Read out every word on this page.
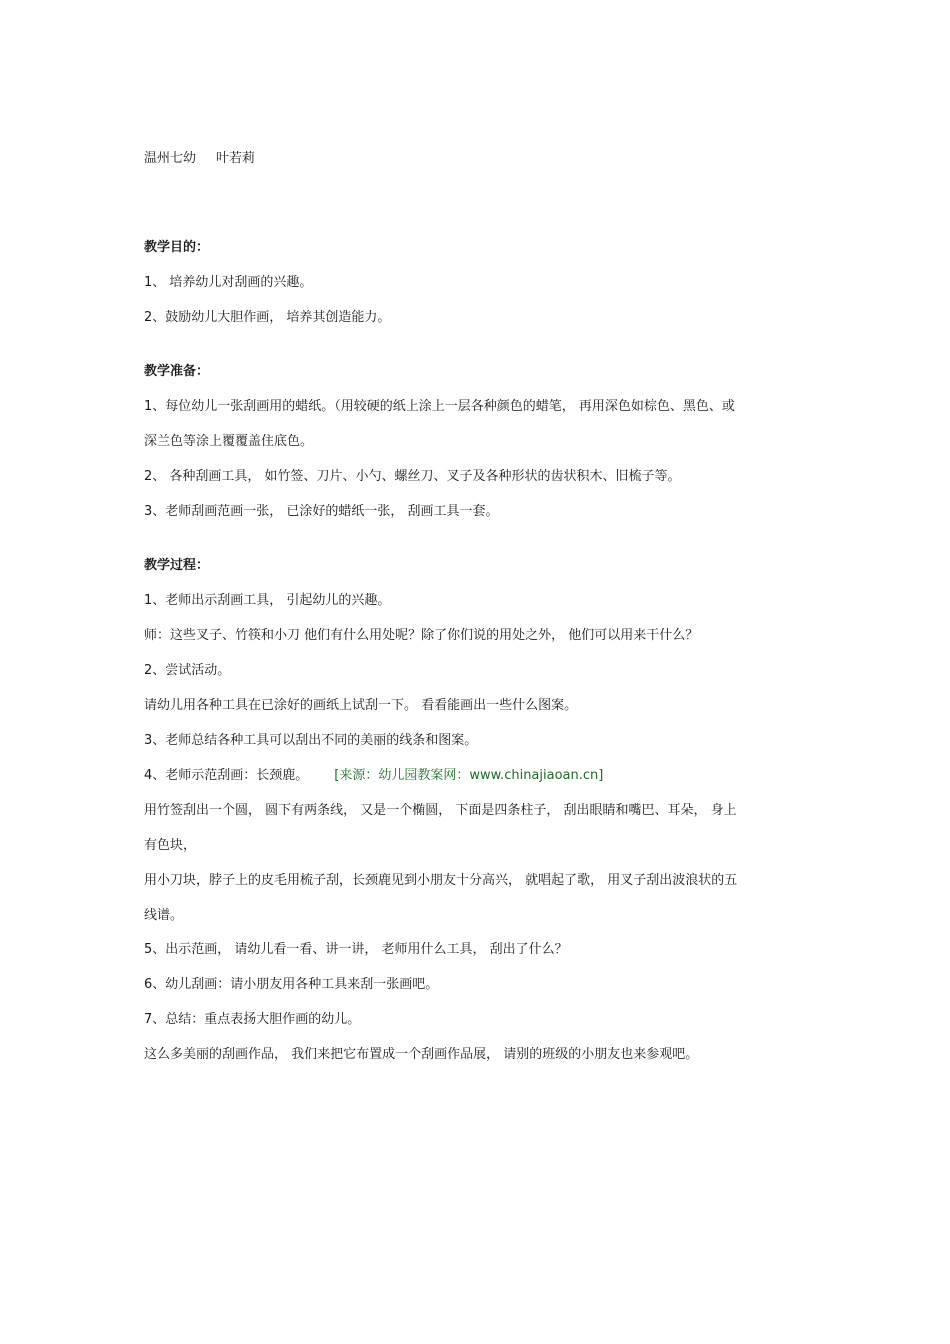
温州七幼 叶若莉

教学目的：

1、 培养幼儿对刮画的兴趣。

2、鼓励幼儿大胆作画， 培养其创造能力。

教学准备：

1、每位幼儿一张刮画用的蜡纸。（用较硬的纸上涂上一层各种颜色的蜡笔， 再用深色如棕色、黑色、或

深兰色等涂上覆覆盖住底色。

2、 各种刮画工具， 如竹签、刀片、小勺、螺丝刀、叉子及各种形状的齿状积木、旧梳子等。

3、老师刮画范画一张， 已涂好的蜡纸一张， 刮画工具一套。

教学过程：

1、老师出示刮画工具， 引起幼儿的兴趣。

师：这些叉子、竹筷和小刀 他们有什么用处呢？除了你们说的用处之外， 他们可以用来干什么？

2、尝试活动。

请幼儿用各种工具在已涂好的画纸上试刮一下。 看看能画出一些什么图案。

3、老师总结各种工具可以刮出不同的美丽的线条和图案。

4、老师示范刮画：长颈鹿。 [来源：幼儿园教案网：www.chinajiaoan.cn]

用竹签刮出一个圆， 圆下有两条线， 又是一个椭圆， 下面是四条柱子， 刮出眼睛和嘴巴、耳朵， 身上

有色块，

用小刀块，脖子上的皮毛用梳子刮，长颈鹿见到小朋友十分高兴， 就唱起了歌， 用叉子刮出波浪状的五

线谱。

5、出示范画， 请幼儿看一看、讲一讲， 老师用什么工具， 刮出了什么？

6、幼儿刮画：请小朋友用各种工具来刮一张画吧。

7、总结：重点表扬大胆作画的幼儿。

这么多美丽的刮画作品， 我们来把它布置成一个刮画作品展， 请别的班级的小朋友也来参观吧。
